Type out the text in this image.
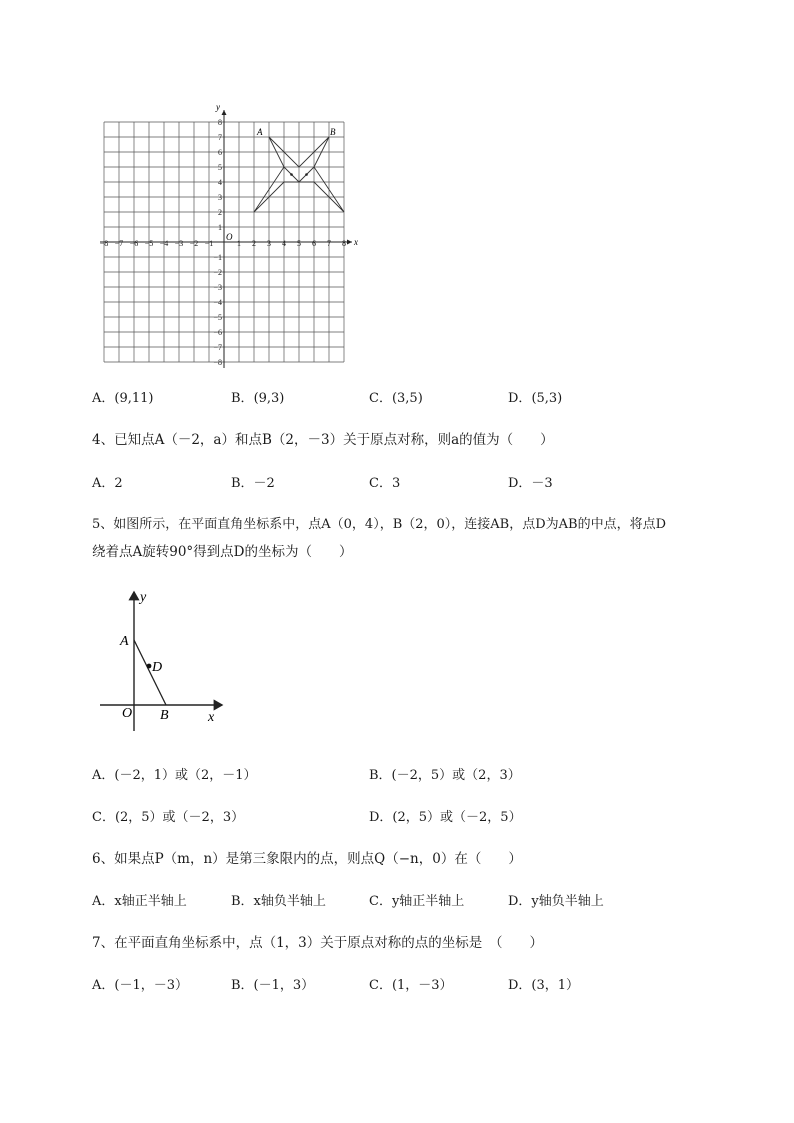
−8 −7 −6 −5 −4 −3 −2 −1	1 2 3 4 5 6 7 8
8
7
6
5
4
3
2
1
−1
−2
−3
−4
−5
−6
−7
−8
x
y
O
A	B
A．(9,11)	B．(9,3)	C．(3,5)	D．(5,3)
4、已知点A（－2，a）和点B（2，－3）关于原点对称，则a的值为（　　）
A．2	B．－2	C．3	D．－3
5、如图所示，在平面直角坐标系中，点A（0，4），B（2，0），连接AB，点D为AB的中点，将点D
绕着点A旋转90°得到点D的坐标为（　　）
y
A
D
O B	x
A．(－2，1）或（2，－1）	B．(－2，5）或（2，3）
C．(2，5）或（－2，3）	D．(2，5）或（－2，5）
6、如果点P（m，n）是第三象限内的点，则点Q（−n，0）在（　　）
A．x轴正半轴上	B．x轴负半轴上	C．y轴正半轴上	D．y轴负半轴上
7、在平面直角坐标系中，点（1，3）关于原点对称的点的坐标是　（　　）
A．(－1，－3）	B．(－1，3）	C．(1，－3）	D．(3，1）
